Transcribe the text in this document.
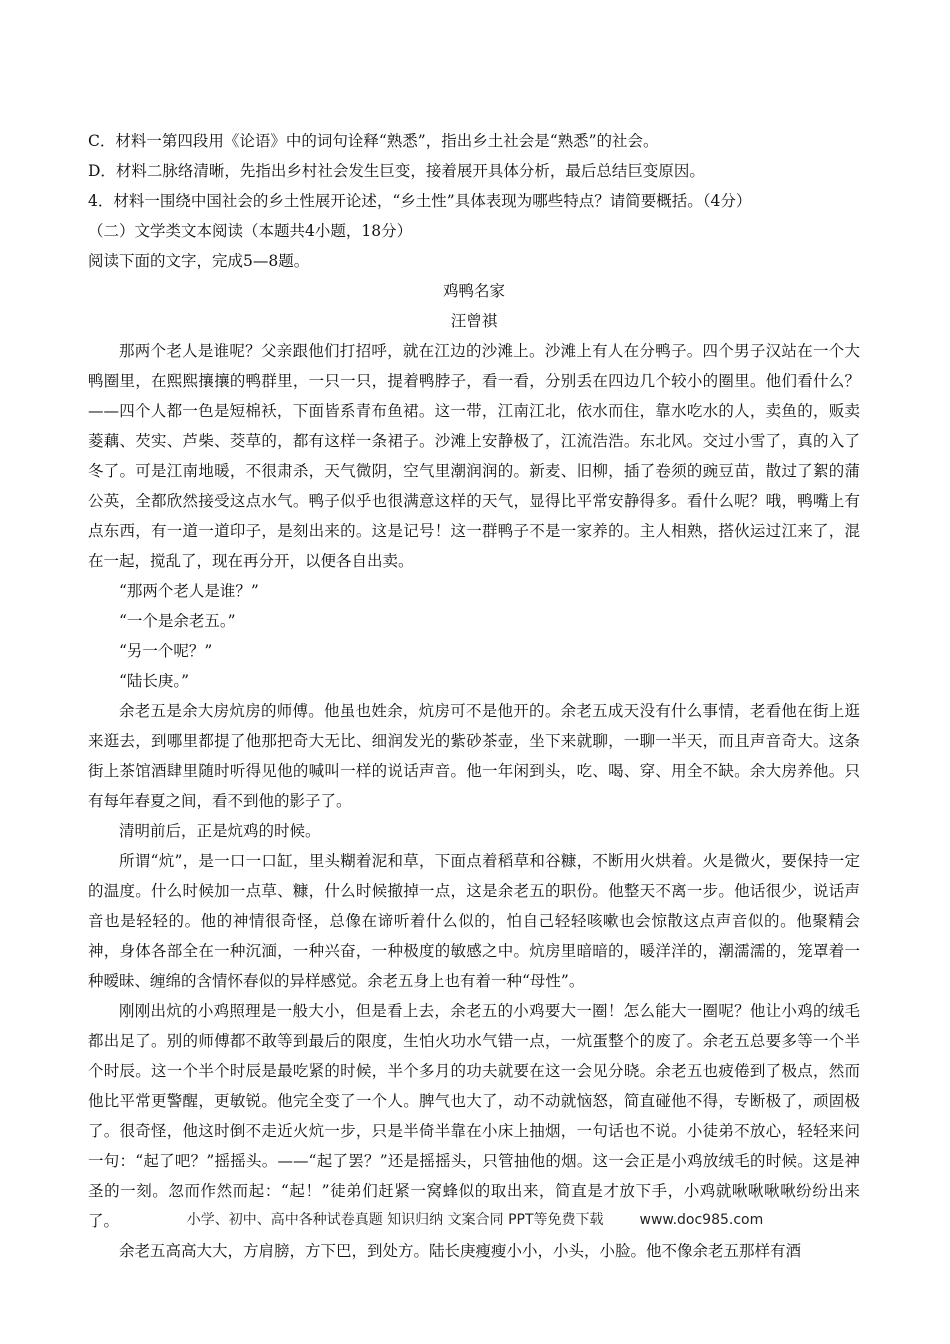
C．材料一第四段用《论语》中的词句诠释“熟悉”，指出乡土社会是“熟悉”的社会。

D．材料二脉络清晰，先指出乡村社会发生巨变，接着展开具体分析，最后总结巨变原因。

4．材料一围绕中国社会的乡土性展开论述，“乡土性”具体表现为哪些特点？请简要概括。（4分）

（二）文学类文本阅读（本题共4小题，18分）

阅读下面的文字，完成5—8题。

鸡鸭名家

汪曾祺

那两个老人是谁呢？父亲跟他们打招呼，就在江边的沙滩上。沙滩上有人在分鸭子。四个男子汉站在一个大鸭圈里，在熙熙攘攘的鸭群里，一只一只，提着鸭脖子，看一看，分别丢在四边几个较小的圈里。他们看什么？——四个人都一色是短棉袄，下面皆系青布鱼裙。这一带，江南江北，依水而住，靠水吃水的人，卖鱼的，贩卖菱藕、芡实、芦柴、茭草的，都有这样一条裙子。沙滩上安静极了，江流浩浩。东北风。交过小雪了，真的入了冬了。可是江南地暖，不很肃杀，天气微阴，空气里潮润润的。新麦、旧柳，插了卷须的豌豆苗，散过了絮的蒲公英，全都欣然接受这点水气。鸭子似乎也很满意这样的天气，显得比平常安静得多。看什么呢？哦，鸭嘴上有点东西，有一道一道印子，是刻出来的。这是记号！这一群鸭子不是一家养的。主人相熟，搭伙运过江来了，混在一起，搅乱了，现在再分开，以便各自出卖。

“那两个老人是谁？”

“一个是余老五。”

“另一个呢？”

“陆长庚。”

余老五是余大房炕房的师傅。他虽也姓余，炕房可不是他开的。余老五成天没有什么事情，老看他在街上逛来逛去，到哪里都提了他那把奇大无比、细润发光的紫砂茶壶，坐下来就聊，一聊一半天，而且声音奇大。这条街上茶馆酒肆里随时听得见他的喊叫一样的说话声音。他一年闲到头，吃、喝、穿、用全不缺。余大房养他。只有每年春夏之间，看不到他的影子了。

清明前后，正是炕鸡的时候。

所谓“炕”，是一口一口缸，里头糊着泥和草，下面点着稻草和谷糠，不断用火烘着。火是微火，要保持一定的温度。什么时候加一点草、糠，什么时候撤掉一点，这是余老五的职份。他整天不离一步。他话很少，说话声音也是轻轻的。他的神情很奇怪，总像在谛听着什么似的，怕自己轻轻咳嗽也会惊散这点声音似的。他聚精会神，身体各部全在一种沉湎，一种兴奋，一种极度的敏感之中。炕房里暗暗的，暖洋洋的，潮濡濡的，笼罩着一种暧昧、缠绵的含情怀春似的异样感觉。余老五身上也有着一种“母性”。

刚刚出炕的小鸡照理是一般大小，但是看上去，余老五的小鸡要大一圈！怎么能大一圈呢？他让小鸡的绒毛都出足了。别的师傅都不敢等到最后的限度，生怕火功水气错一点，一炕蛋整个的废了。余老五总要多等一个半个时辰。这一个半个时辰是最吃紧的时候，半个多月的功夫就要在这一会见分晓。余老五也疲倦到了极点，然而他比平常更警醒，更敏锐。他完全变了一个人。脾气也大了，动不动就恼怒，简直碰他不得，专断极了，顽固极了。很奇怪，他这时倒不走近火炕一步，只是半倚半靠在小床上抽烟，一句话也不说。小徒弟不放心，轻轻来问一句：“起了吧？”摇摇头。——“起了罢？”还是摇摇头，只管抽他的烟。这一会正是小鸡放绒毛的时候。这是神圣的一刻。忽而作然而起：“起！”徒弟们赶紧一窝蜂似的取出来，简直是才放下手，小鸡就啾啾啾啾纷纷出来了。

余老五高高大大，方肩膀，方下巴，到处方。陆长庚瘦瘦小小，小头，小脸。他不像余老五那样有酒

小学、初中、高中各种试卷真题 知识归纳 文案合同 PPT等免费下载	www.doc985.com
